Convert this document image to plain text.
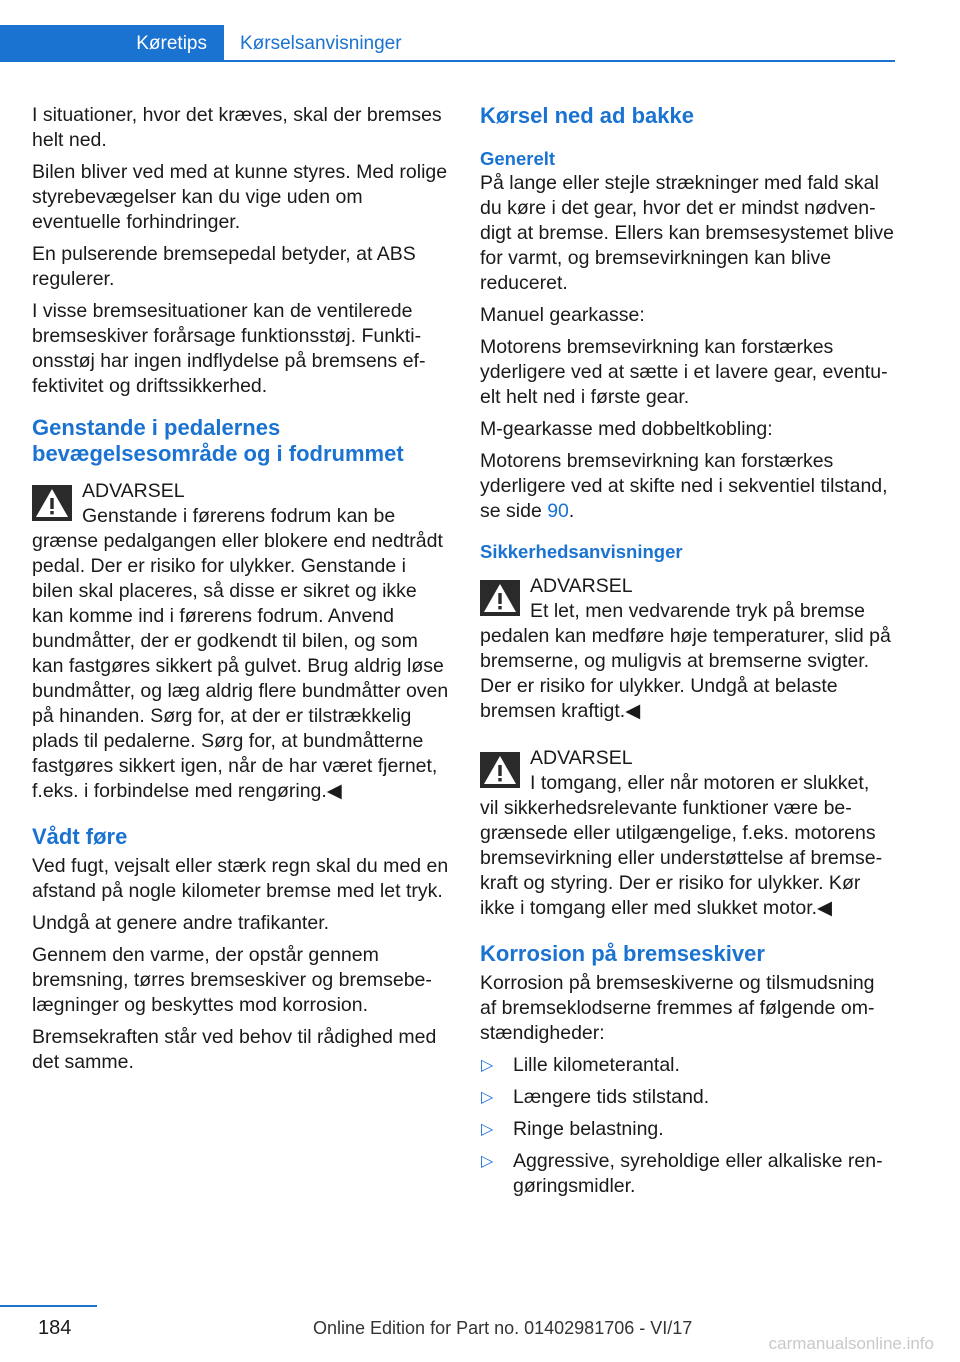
Køretips	Kørselsanvisninger

I situationer, hvor det kræves, skal der bremses helt ned.

Bilen bliver ved med at kunne styres. Med rolige styrebevægelser kan du vige uden om eventuelle forhindringer.

En pulserende bremsepedal betyder, at ABS regulerer.

I visse bremsesituationer kan de ventilerede bremseskiver forårsage funktionsstøj. Funktionsstøj har ingen indflydelse på bremsens effektivitet og driftssikkerhed.

Genstande i pedalernes bevægelsesområde og i fodrummet

ADVARSEL

Genstande i førerens fodrum kan be

grænse pedalgangen eller blokere end nedtrådt pedal. Der er risiko for ulykker. Genstande i bilen skal placeres, så disse er sikret og ikke kan komme ind i førerens fodrum. Anvend bundmåtter, der er godkendt til bilen, og som kan fastgøres sikkert på gulvet. Brug aldrig løse bundmåtter, og læg aldrig flere bundmåtter oven på hinanden. Sørg for, at der er tilstrækkelig plads til pedalerne. Sørg for, at bundmåtterne fastgøres sikkert igen, når de har været fjernet, f.eks. i forbindelse med rengøring.◀

Vådt føre

Ved fugt, vejsalt eller stærk regn skal du med en afstand på nogle kilometer bremse med let tryk.

Undgå at genere andre trafikanter.

Gennem den varme, der opstår gennem bremsning, tørres bremseskiver og bremsebelægninger og beskyttes mod korrosion.

Bremsekraften står ved behov til rådighed med det samme.

Kørsel ned ad bakke
Generelt

På lange eller stejle strækninger med fald skal du køre i det gear, hvor det er mindst nødvendigt at bremse. Ellers kan bremsesystemet blive for varmt, og bremsevirkningen kan blive reduceret.

Manuel gearkasse:

Motorens bremsevirkning kan forstærkes yderligere ved at sætte i et lavere gear, eventuelt helt ned i første gear.

M-gearkasse med dobbeltkobling:

Motorens bremsevirkning kan forstærkes yderligere ved at skifte ned i sekventiel tilstand, se side 90.

Sikkerhedsanvisninger

ADVARSEL

Et let, men vedvarende tryk på bremse

pedalen kan medføre høje temperaturer, slid på bremserne, og muligvis at bremserne svigter. Der er risiko for ulykker. Undgå at belaste bremsen kraftigt.◀

ADVARSEL

I tomgang, eller når motoren er slukket,

vil sikkerhedsrelevante funktioner være begrænsede eller utilgængelige, f.eks. motorens bremsevirkning eller understøttelse af bremsekraft og styring. Der er risiko for ulykker. Kør ikke i tomgang eller med slukket motor.◀

Korrosion på bremseskiver

Korrosion på bremseskiverne og tilsmudsning af bremseklodserne fremmes af følgende omstændigheder:

▷ Lille kilometerantal.
▷ Længere tids stilstand.
▷ Ringe belastning.
▷ Aggressive, syreholdige eller alkaliske rengøringsmidler.
184	Online Edition for Part no. 01402981706 - VI/17
carmanualsonline.info
